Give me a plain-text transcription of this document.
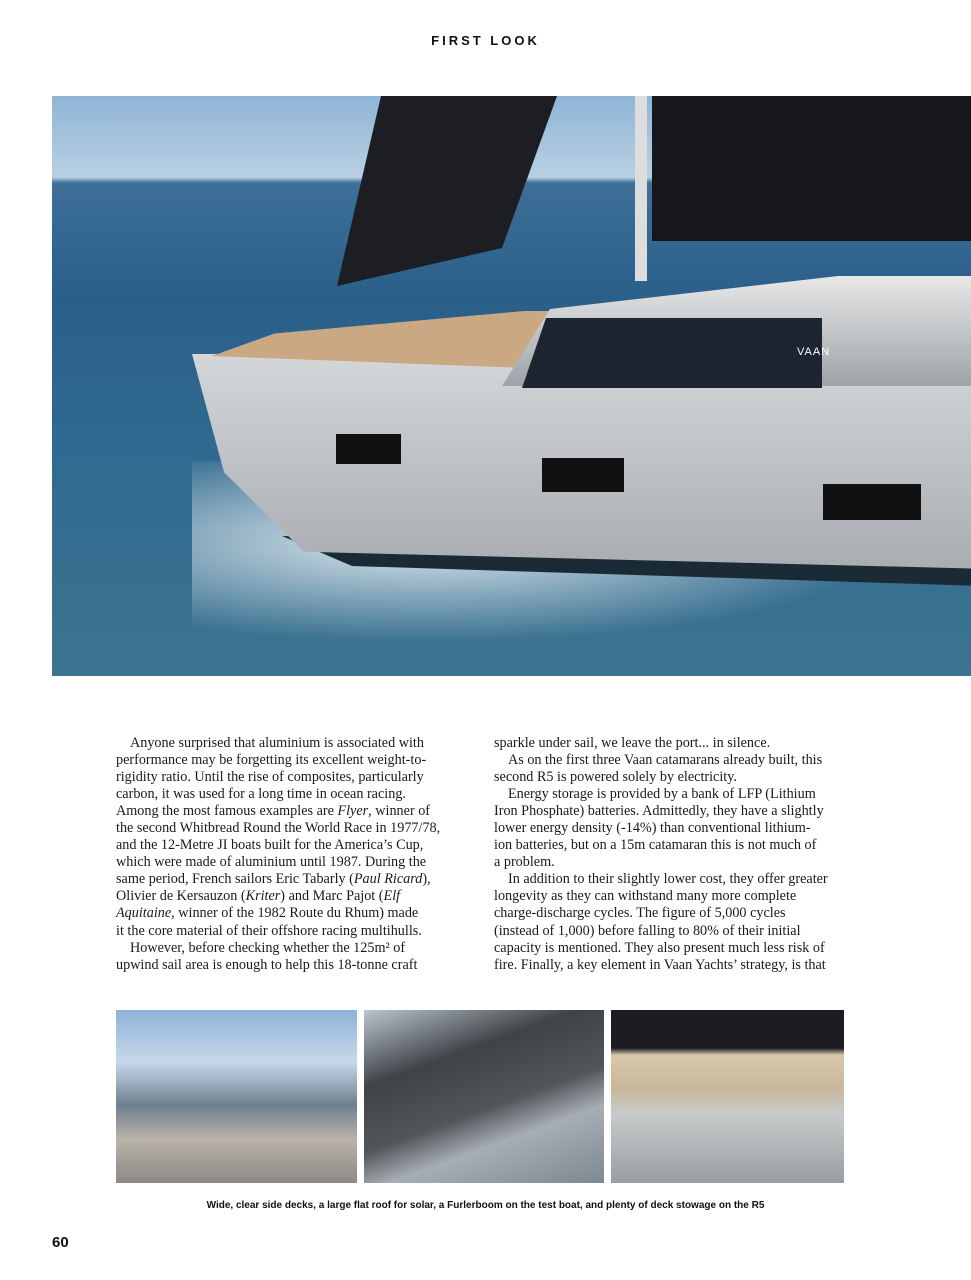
FIRST LOOK
VAAN
Anyone surprised that aluminium is associated with
performance may be forgetting its excellent weight-to-
rigidity ratio. Until the rise of composites, particularly
carbon, it was used for a long time in ocean racing.
Among the most famous examples are Flyer, winner of
the second Whitbread Round the World Race in 1977/78,
and the 12-Metre JI boats built for the America’s Cup,
which were made of aluminium until 1987. During the
same period, French sailors Eric Tabarly (Paul Ricard),
Olivier de Kersauzon (Kriter) and Marc Pajot (Elf
Aquitaine, winner of the 1982 Route du Rhum) made
it the core material of their offshore racing multihulls.
However, before checking whether the 125m² of
upwind sail area is enough to help this 18-tonne craft
sparkle under sail, we leave the port... in silence.
As on the first three Vaan catamarans already built, this
second R5 is powered solely by electricity.
Energy storage is provided by a bank of LFP (Lithium
Iron Phosphate) batteries. Admittedly, they have a slightly
lower energy density (-14%) than conventional lithium-
ion batteries, but on a 15m catamaran this is not much of
a problem.
In addition to their slightly lower cost, they offer greater
longevity as they can withstand many more complete
charge-discharge cycles. The figure of 5,000 cycles
(instead of 1,000) before falling to 80% of their initial
capacity is mentioned. They also present much less risk of
fire. Finally, a key element in Vaan Yachts’ strategy, is that
Wide, clear side decks, a large flat roof for solar, a Furlerboom on the test boat, and plenty of deck stowage on the R5
60
